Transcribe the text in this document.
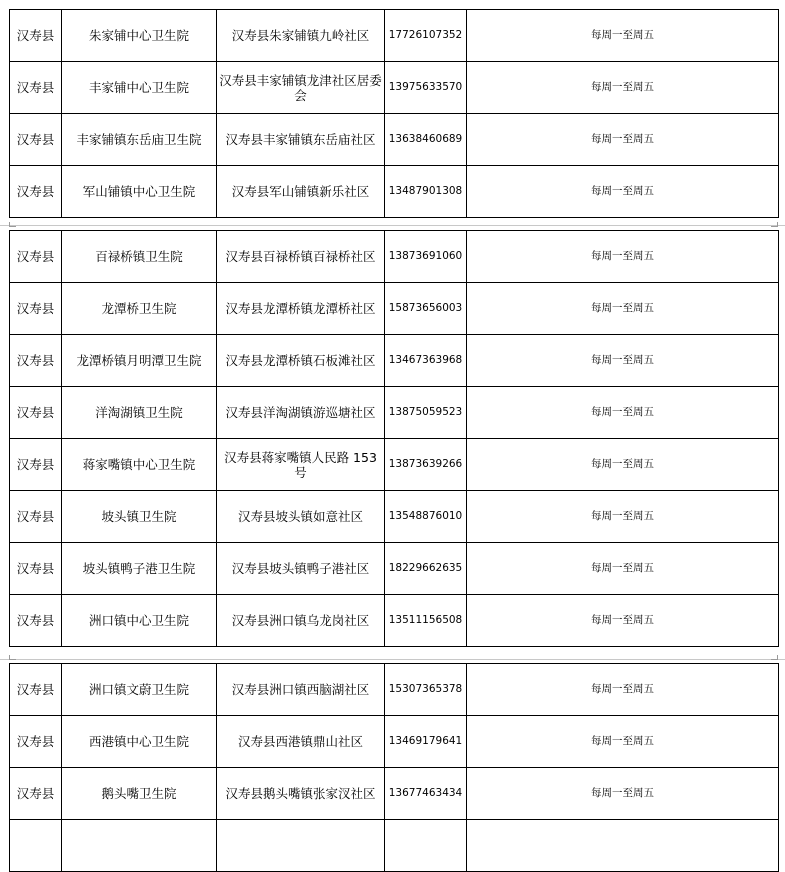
汉寿县	朱家铺中心卫生院	汉寿县朱家铺镇九岭社区	17726107352	每周一至周五
汉寿县	丰家铺中心卫生院	汉寿县丰家铺镇龙津社区居委会	13975633570	每周一至周五
汉寿县	丰家铺镇东岳庙卫生院	汉寿县丰家铺镇东岳庙社区	13638460689	每周一至周五
汉寿县	军山铺镇中心卫生院	汉寿县军山铺镇新乐社区	13487901308	每周一至周五
汉寿县	百禄桥镇卫生院	汉寿县百禄桥镇百禄桥社区	13873691060	每周一至周五
汉寿县	龙潭桥卫生院	汉寿县龙潭桥镇龙潭桥社区	15873656003	每周一至周五
汉寿县	龙潭桥镇月明潭卫生院	汉寿县龙潭桥镇石板滩社区	13467363968	每周一至周五
汉寿县	洋淘湖镇卫生院	汉寿县洋淘湖镇游巡塘社区	13875059523	每周一至周五
汉寿县	蒋家嘴镇中心卫生院	汉寿县蒋家嘴镇人民路 153 号	13873639266	每周一至周五
汉寿县	坡头镇卫生院	汉寿县坡头镇如意社区	13548876010	每周一至周五
汉寿县	坡头镇鸭子港卫生院	汉寿县坡头镇鸭子港社区	18229662635	每周一至周五
汉寿县	洲口镇中心卫生院	汉寿县洲口镇乌龙岗社区	13511156508	每周一至周五
汉寿县	洲口镇文蔚卫生院	汉寿县洲口镇西脑湖社区	15307365378	每周一至周五
汉寿县	西港镇中心卫生院	汉寿县西港镇鼎山社区	13469179641	每周一至周五
汉寿县	鹅头嘴卫生院	汉寿县鹅头嘴镇张家汊社区	13677463434	每周一至周五
